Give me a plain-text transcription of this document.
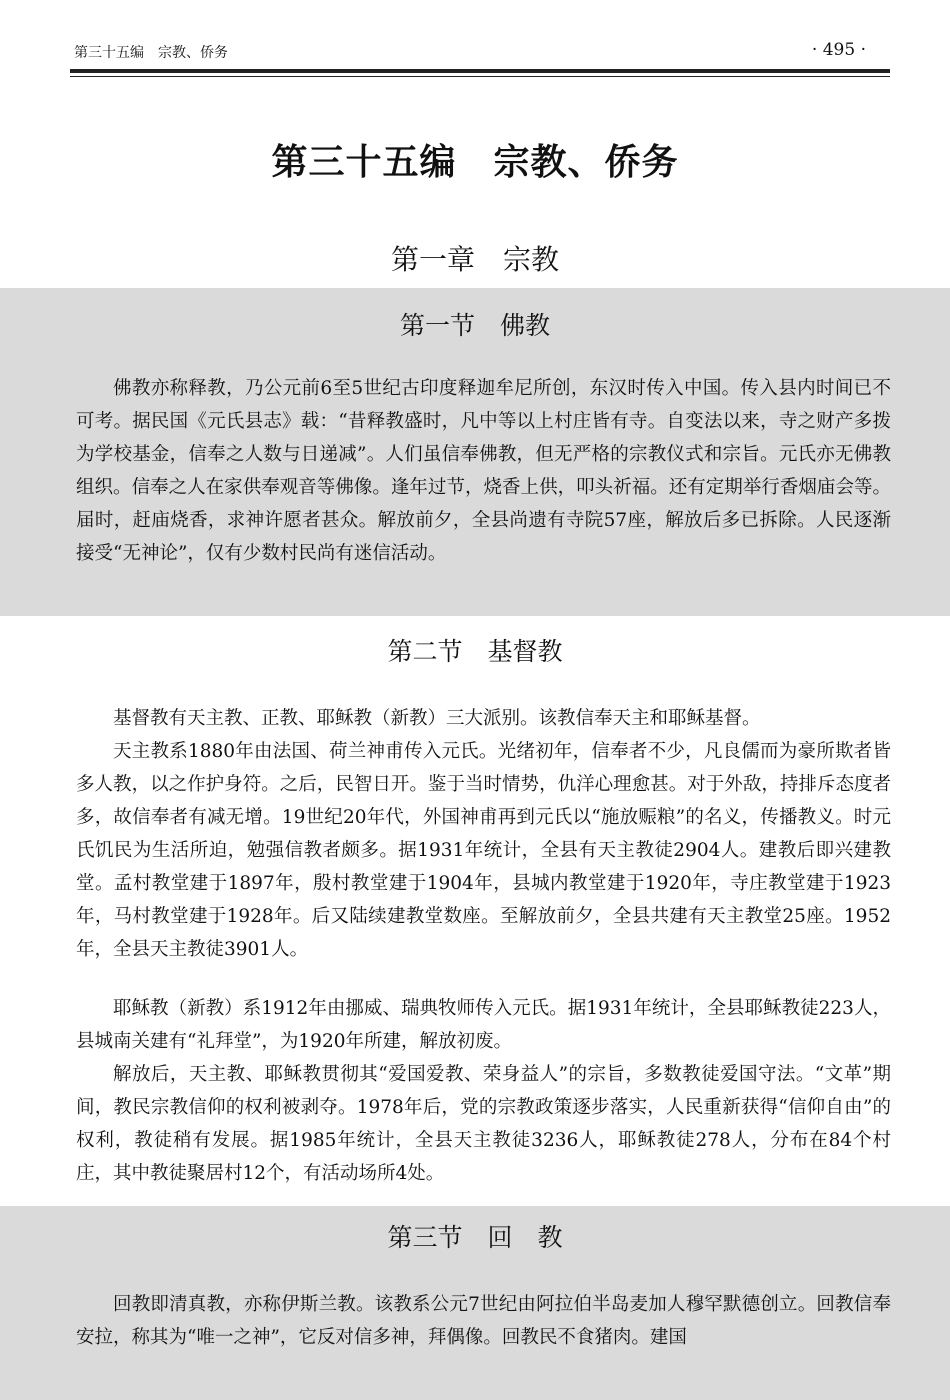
第三十五编　宗教、侨务	· 495 ·
第三十五编　宗教、侨务
第一章　宗教
第一节　佛教
佛教亦称释教，乃公元前6至5世纪古印度释迦牟尼所创，东汉时传入中国。传入县内时间已不可考。据民国《元氏县志》载：“昔释教盛时，凡中等以上村庄皆有寺。自变法以来，寺之财产多拨为学校基金，信奉之人数与日递减”。人们虽信奉佛教，但无严格的宗教仪式和宗旨。元氏亦无佛教组织。信奉之人在家供奉观音等佛像。逢年过节，烧香上供，叩头祈福。还有定期举行香烟庙会等。届时，赶庙烧香，求神许愿者甚众。解放前夕，全县尚遗有寺院57座，解放后多已拆除。人民逐渐接受“无神论”，仅有少数村民尚有迷信活动。
第二节　基督教
基督教有天主教、正教、耶稣教（新教）三大派别。该教信奉天主和耶稣基督。
天主教系1880年由法国、荷兰神甫传入元氏。光绪初年，信奉者不少，凡良儒而为豪所欺者皆多人教，以之作护身符。之后，民智日开。鉴于当时情势，仇洋心理愈甚。对于外敌，持排斥态度者多，故信奉者有减无增。19世纪20年代，外国神甫再到元氏以“施放赈粮”的名义，传播教义。时元氏饥民为生活所迫，勉强信教者颇多。据1931年统计，全县有天主教徒2904人。建教后即兴建教堂。孟村教堂建于1897年，殷村教堂建于1904年，县城内教堂建于1920年，寺庄教堂建于1923年，马村教堂建于1928年。后又陆续建教堂数座。至解放前夕，全县共建有天主教堂25座。1952年，全县天主教徒3901人。
耶稣教（新教）系1912年由挪威、瑞典牧师传入元氏。据1931年统计，全县耶稣教徒223人，县城南关建有“礼拜堂”，为1920年所建，解放初废。
解放后，天主教、耶稣教贯彻其“爱国爱教、荣身益人”的宗旨，多数教徒爱国守法。“文革”期间，教民宗教信仰的权利被剥夺。1978年后，党的宗教政策逐步落实，人民重新获得“信仰自由”的权利，教徒稍有发展。据1985年统计，全县天主教徒3236人，耶稣教徒278人，分布在84个村庄，其中教徒聚居村12个，有活动场所4处。
第三节　回　教
回教即清真教，亦称伊斯兰教。该教系公元7世纪由阿拉伯半岛麦加人穆罕默德创立。回教信奉安拉，称其为“唯一之神”，它反对信多神，拜偶像。回教民不食猪肉。建国
